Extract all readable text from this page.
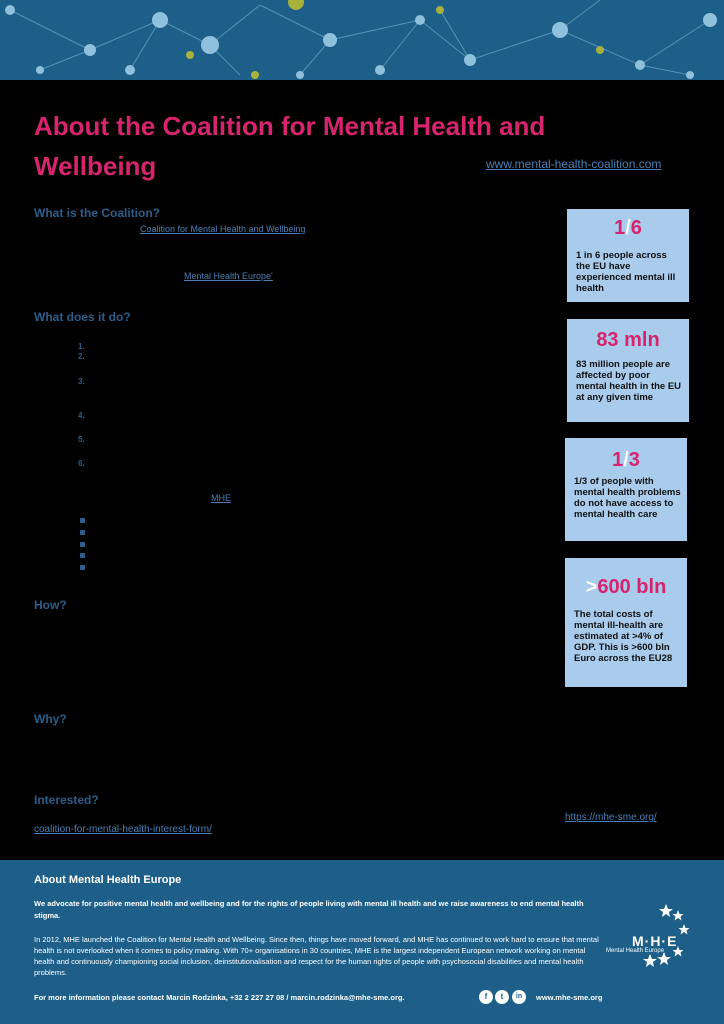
About the Coalition for Mental Health and Wellbeing	www.mental-health-coalition.com
What is the Coalition?
Coalition for Mental Health and Wellbeing
Mental Health Europe'
What does it do?
1.
2.
3.
4.
5.
6.
MHE
How?
Why?
Interested?
https://mhe-sme.org/
coalition-for-mental-health-interest-form/
1/6
1 in 6 people across the EU have experienced mental ill health
83 mln
83 million people are affected by poor mental health in the EU at any given time
1/3
1/3 of people with mental health problems do not have access to mental health care
>600 bln
The total costs of mental ill-health are estimated at >4% of GDP. This is >600 bln Euro across the EU28
About Mental Health Europe
We advocate for positive mental health and wellbeing and for the rights of people living with mental ill health and we raise awareness to end mental health stigma.
In 2012, MHE launched the Coalition for Mental Health and Wellbeing. Since then, things have moved forward, and MHE has continued to work hard to ensure that mental health is not overlooked when it comes to policy making. With 70+ organisations in 30 countries, MHE is the largest independent European network working on mental health and continuously championing social inclusion, deinstitutionalisation and respect for the human rights of people with psychosocial disabilities and mental health problems.
For more information please contact Marcin Rodzinka, +32 2 227 27 08 / marcin.rodzinka@mhe-sme.org.	f	t	in	www.mhe-sme.org
M·H·E
Mental Health Europe
